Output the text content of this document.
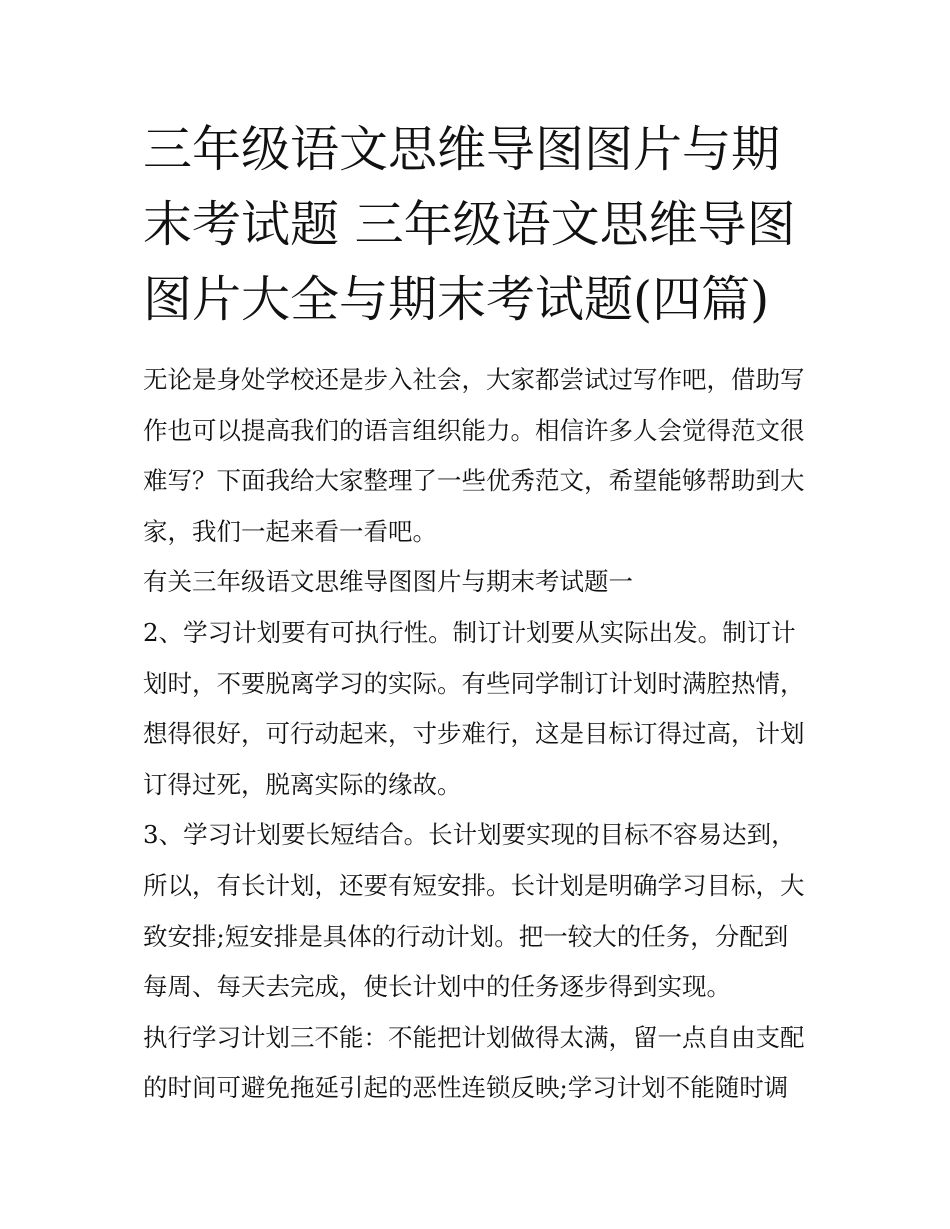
三年级语文思维导图图片与期
末考试题 三年级语文思维导图
图片大全与期末考试题(四篇)
无论是身处学校还是步入社会，大家都尝试过写作吧，借助写
作也可以提高我们的语言组织能力。相信许多人会觉得范文很
难写？下面我给大家整理了一些优秀范文，希望能够帮助到大
家，我们一起来看一看吧。
有关三年级语文思维导图图片与期末考试题一
2、学习计划要有可执行性。制订计划要从实际出发。制订计
划时，不要脱离学习的实际。有些同学制订计划时满腔热情，
想得很好，可行动起来，寸步难行，这是目标订得过高，计划
订得过死，脱离实际的缘故。
3、学习计划要长短结合。长计划要实现的目标不容易达到，
所以，有长计划，还要有短安排。长计划是明确学习目标，大
致安排;短安排是具体的行动计划。把一较大的任务，分配到
每周、每天去完成，使长计划中的任务逐步得到实现。
执行学习计划三不能：不能把计划做得太满，留一点自由支配
的时间可避免拖延引起的恶性连锁反映;学习计划不能随时调
